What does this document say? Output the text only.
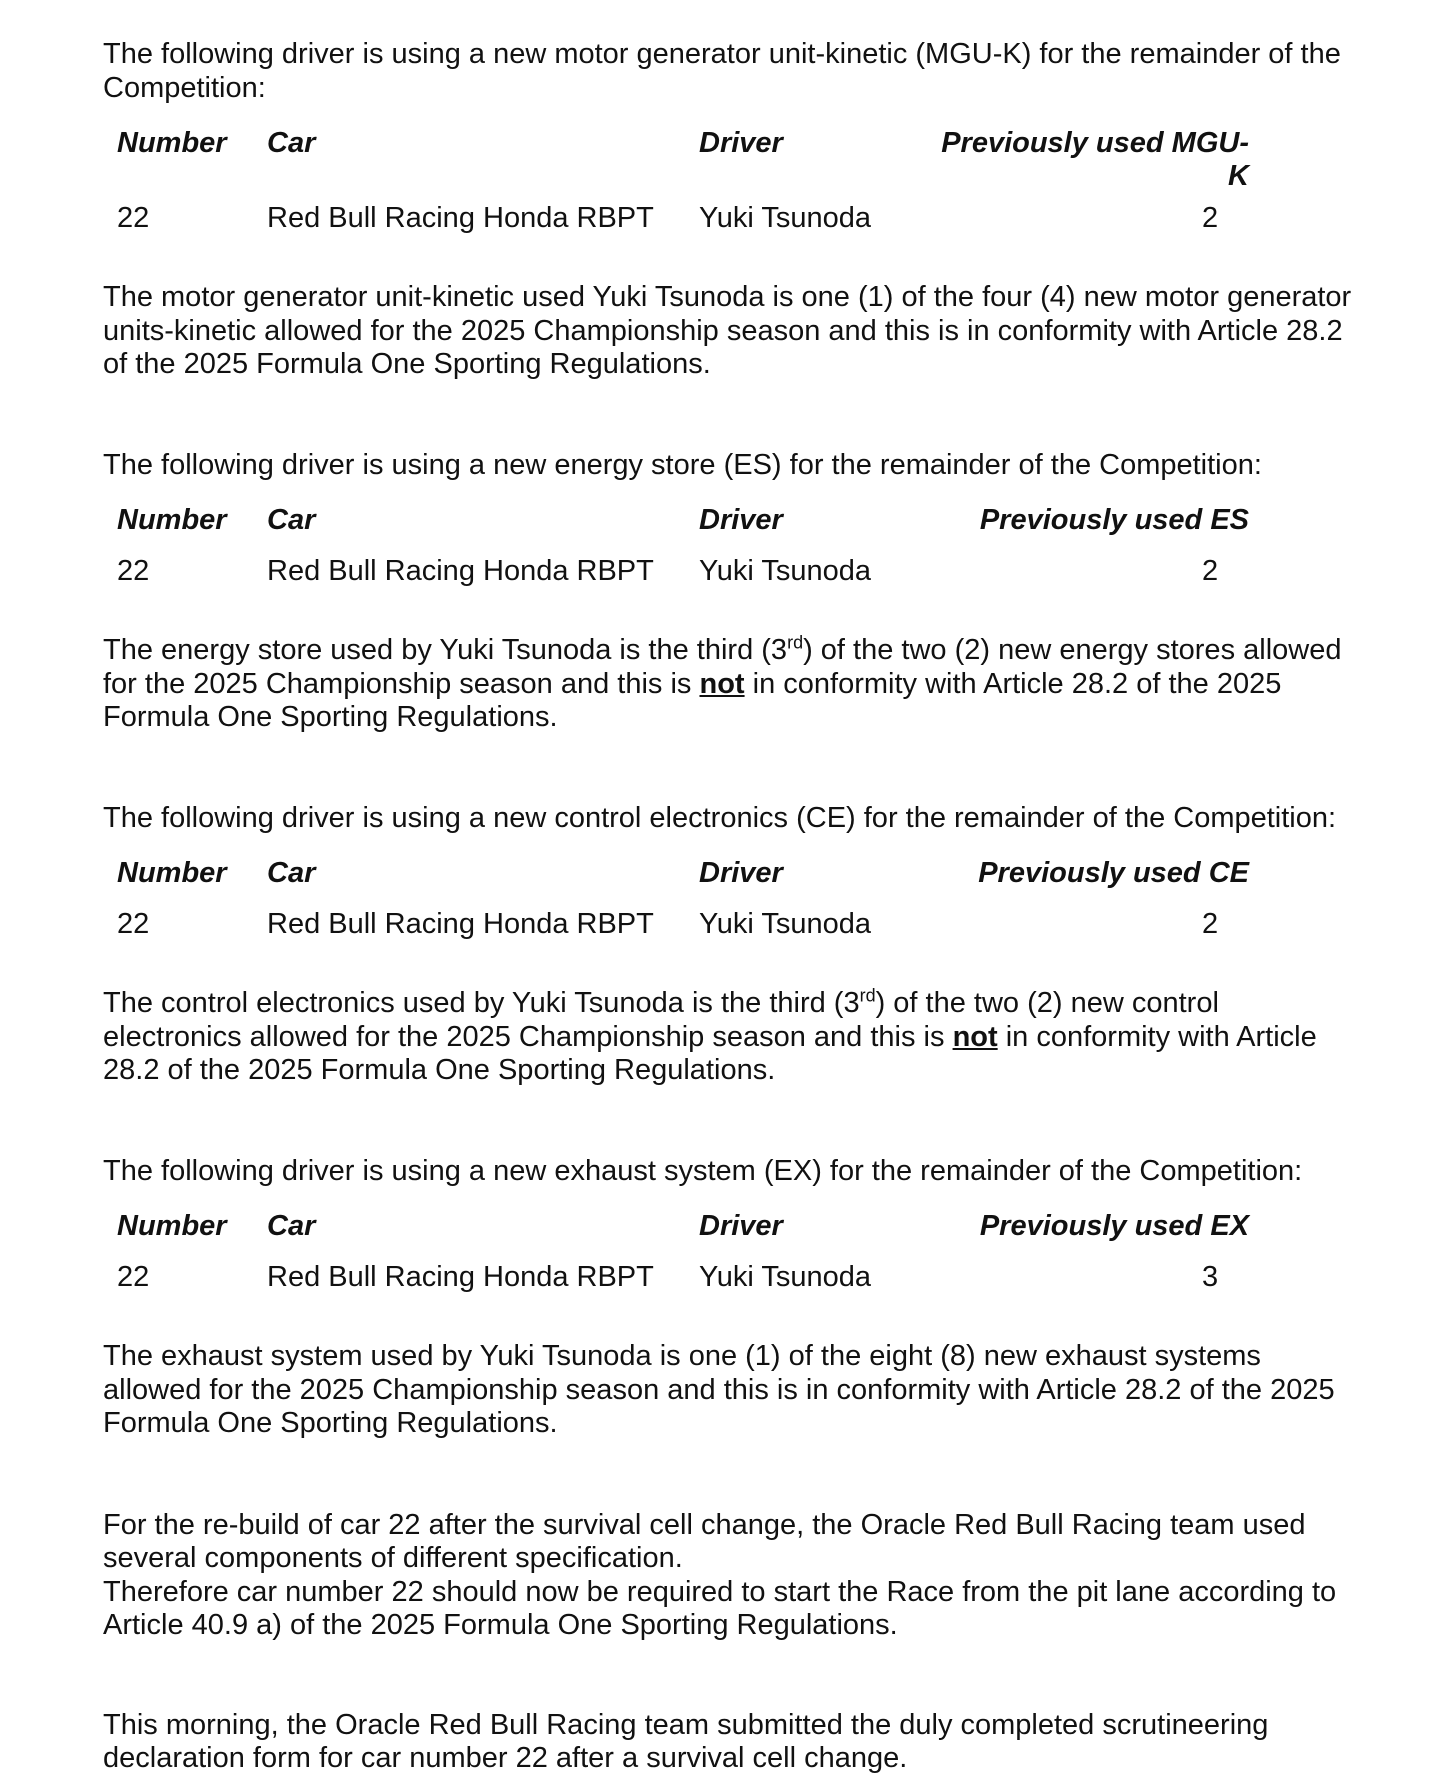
The following driver is using a new motor generator unit-kinetic (MGU-K) for the remainder of the Competition:

Number	Car	Driver	Previously used MGU-K
22	Red Bull Racing Honda RBPT	Yuki Tsunoda	2

The motor generator unit-kinetic used Yuki Tsunoda is one (1) of the four (4) new motor generator units-kinetic allowed for the 2025 Championship season and this is in conformity with Article 28.2 of the 2025 Formula One Sporting Regulations.

The following driver is using a new energy store (ES) for the remainder of the Competition:

Number	Car	Driver	Previously used ES
22	Red Bull Racing Honda RBPT	Yuki Tsunoda	2

The energy store used by Yuki Tsunoda is the third (3rd) of the two (2) new energy stores allowed for the 2025 Championship season and this is not in conformity with Article 28.2 of the 2025 Formula One Sporting Regulations.

The following driver is using a new control electronics (CE) for the remainder of the Competition:

Number	Car	Driver	Previously used CE
22	Red Bull Racing Honda RBPT	Yuki Tsunoda	2

The control electronics used by Yuki Tsunoda is the third (3rd) of the two (2) new control electronics allowed for the 2025 Championship season and this is not in conformity with Article 28.2 of the 2025 Formula One Sporting Regulations.

The following driver is using a new exhaust system (EX) for the remainder of the Competition:

Number	Car	Driver	Previously used EX
22	Red Bull Racing Honda RBPT	Yuki Tsunoda	3

The exhaust system used by Yuki Tsunoda is one (1) of the eight (8) new exhaust systems allowed for the 2025 Championship season and this is in conformity with Article 28.2 of the 2025 Formula One Sporting Regulations.

For the re-build of car 22 after the survival cell change, the Oracle Red Bull Racing team used several components of different specification.

Therefore car number 22 should now be required to start the Race from the pit lane according to Article 40.9 a) of the 2025 Formula One Sporting Regulations.

This morning, the Oracle Red Bull Racing team submitted the duly completed scrutineering declaration form for car number 22 after a survival cell change.
